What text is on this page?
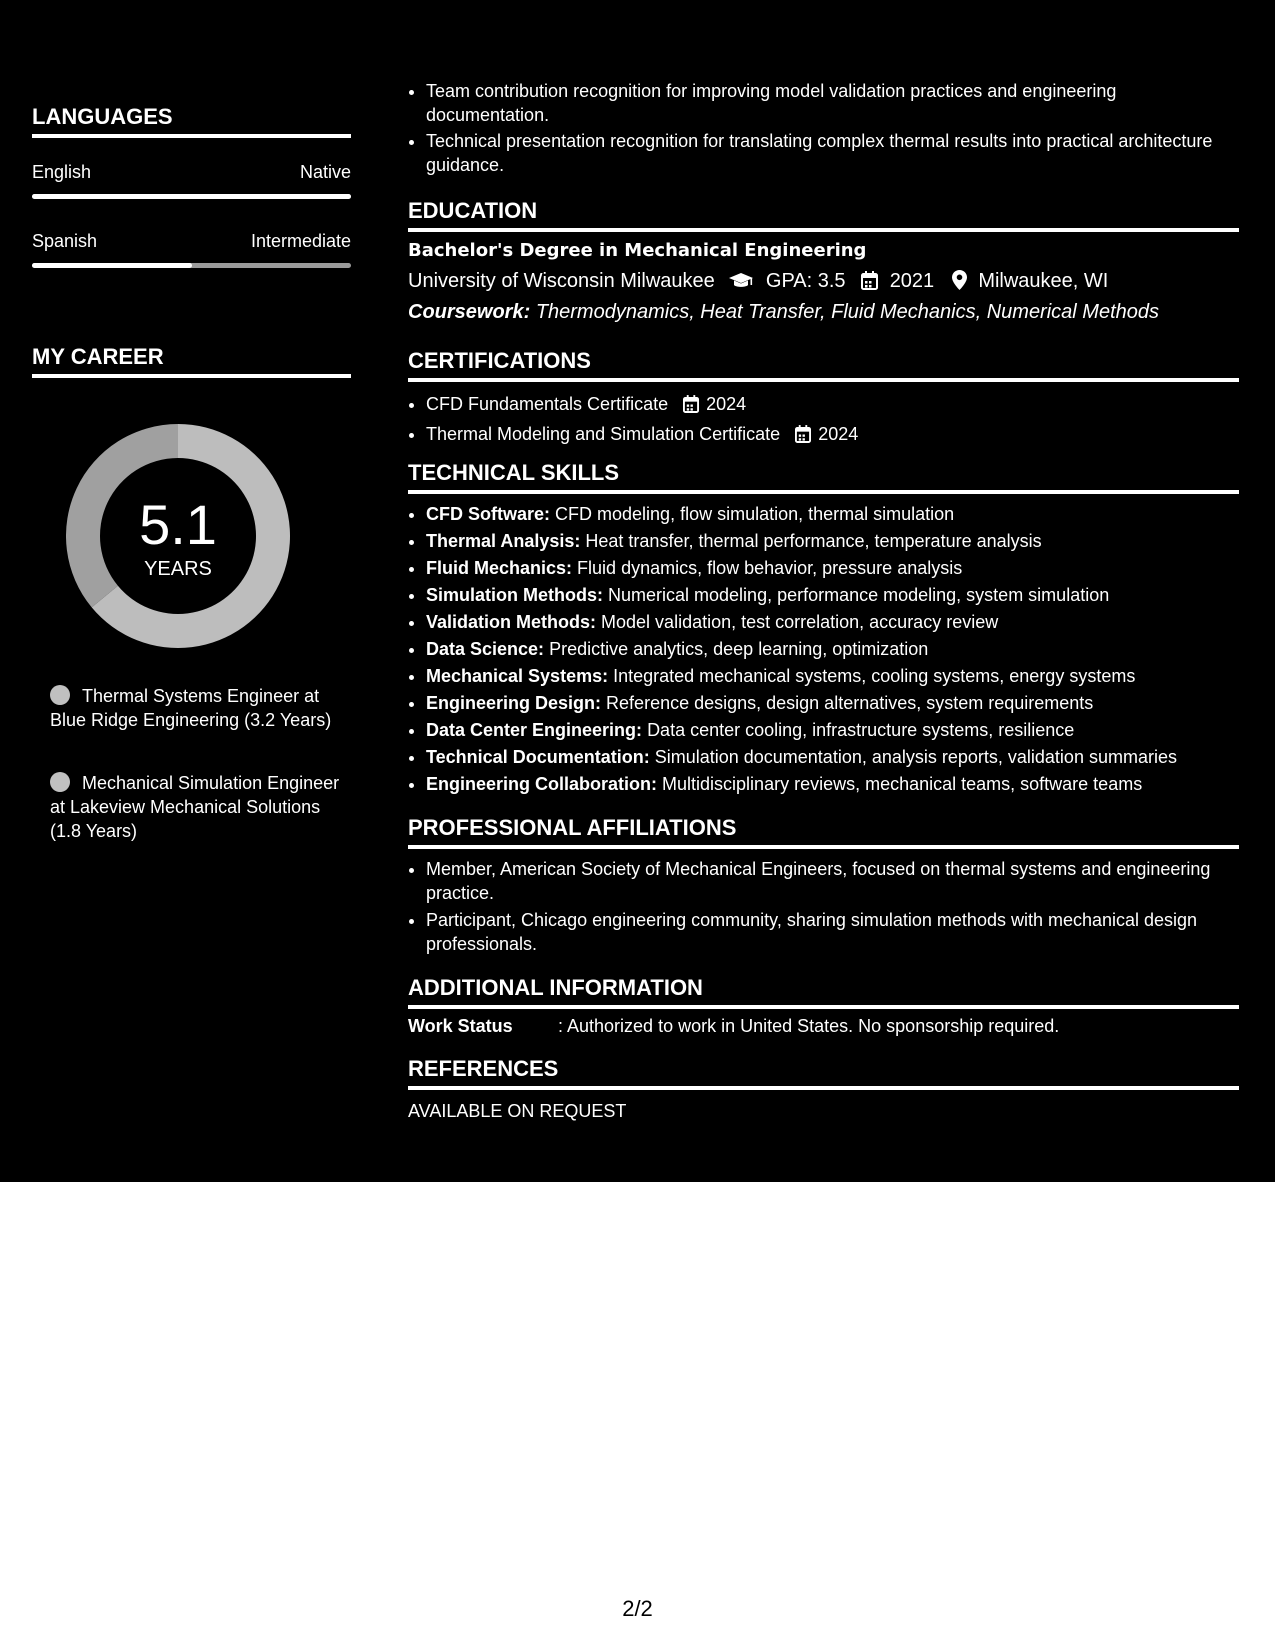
LANGUAGES
English	Native
Spanish	Intermediate
MY CAREER
5.1
YEARS
Thermal Systems Engineer at Blue Ridge Engineering (3.2 Years)
Mechanical Simulation Engineer at Lakeview Mechanical Solutions (1.8 Years)
• Team contribution recognition for improving model validation practices and engineering documentation.
• Technical presentation recognition for translating complex thermal results into practical architecture guidance.
EDUCATION
Bachelor's Degree in Mechanical Engineering
University of Wisconsin Milwaukee	GPA: 3.5 2021 Milwaukee, WI
Coursework: Thermodynamics, Heat Transfer, Fluid Mechanics, Numerical Methods
CERTIFICATIONS
• CFD Fundamentals Certificate 2024
• Thermal Modeling and Simulation Certificate 2024
TECHNICAL SKILLS
• CFD Software: CFD modeling, flow simulation, thermal simulation
• Thermal Analysis: Heat transfer, thermal performance, temperature analysis
• Fluid Mechanics: Fluid dynamics, flow behavior, pressure analysis
• Simulation Methods: Numerical modeling, performance modeling, system simulation
• Validation Methods: Model validation, test correlation, accuracy review
• Data Science: Predictive analytics, deep learning, optimization
• Mechanical Systems: Integrated mechanical systems, cooling systems, energy systems
• Engineering Design: Reference designs, design alternatives, system requirements
• Data Center Engineering: Data center cooling, infrastructure systems, resilience
• Technical Documentation: Simulation documentation, analysis reports, validation summaries
• Engineering Collaboration: Multidisciplinary reviews, mechanical teams, software teams
PROFESSIONAL AFFILIATIONS
• Member, American Society of Mechanical Engineers, focused on thermal systems and engineering practice.
• Participant, Chicago engineering community, sharing simulation methods with mechanical design professionals.
ADDITIONAL INFORMATION
Work Status	: Authorized to work in United States. No sponsorship required.
REFERENCES
AVAILABLE ON REQUEST
2/2
